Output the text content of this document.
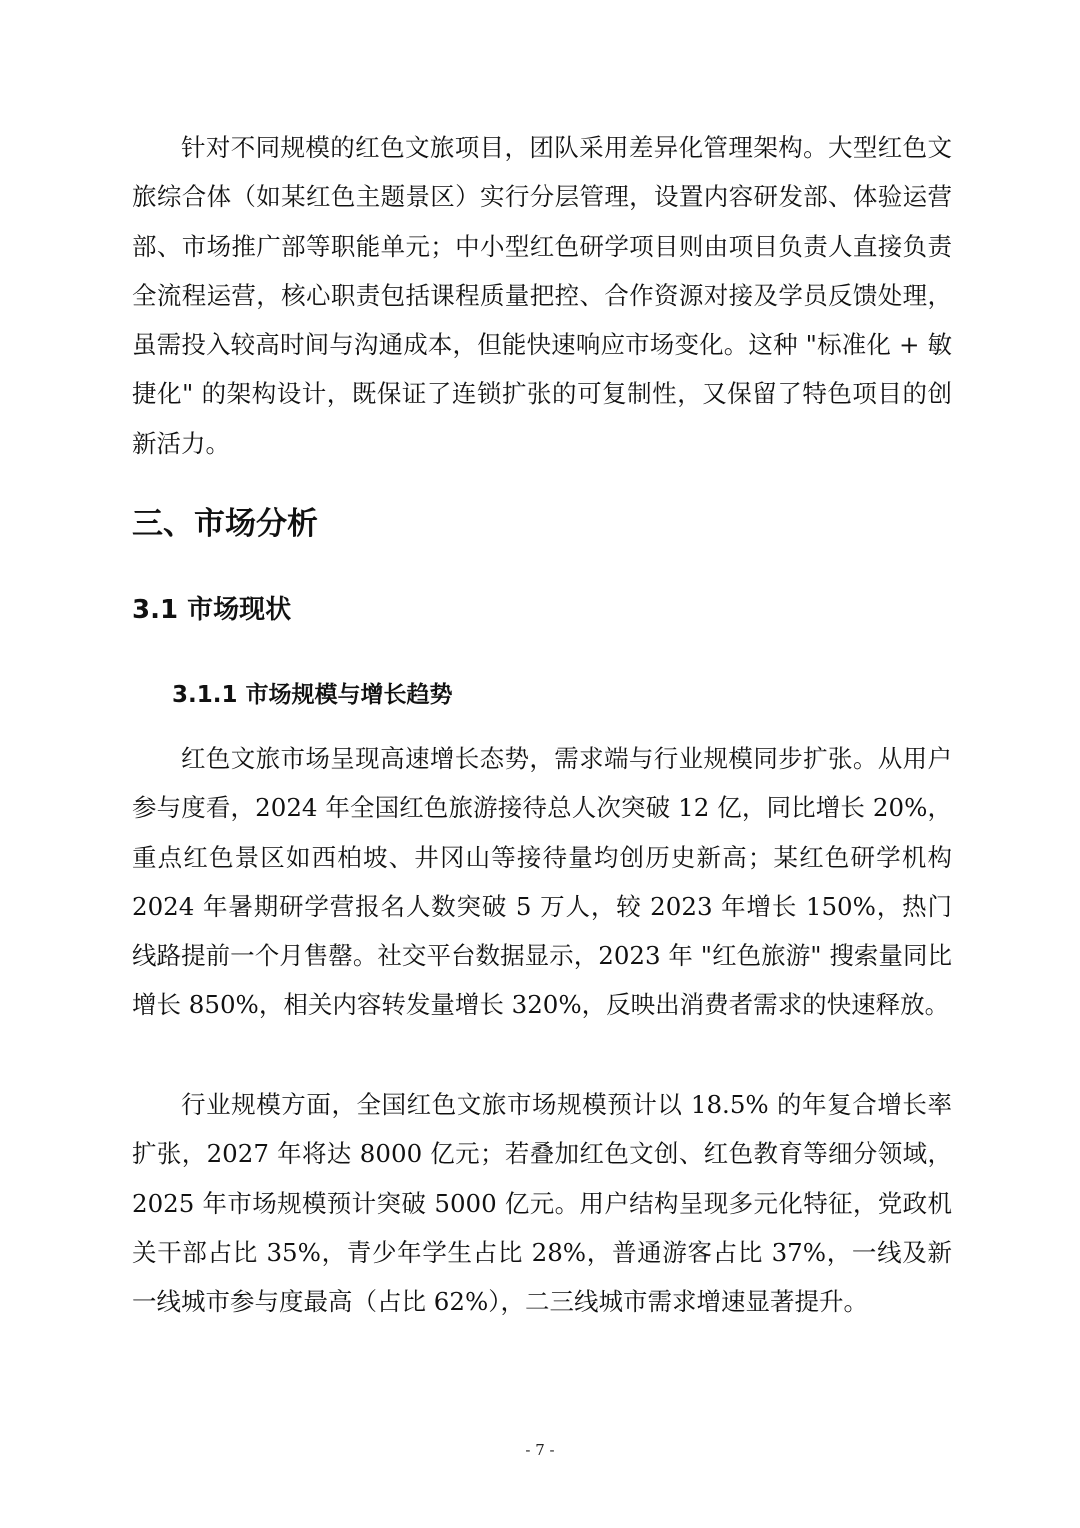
针对不同规模的红色文旅项目，团队采用差异化管理架构。大型红色文旅综合体（如某红色主题景区）实行分层管理，设置内容研发部、体验运营部、市场推广部等职能单元；中小型红色研学项目则由项目负责人直接负责全流程运营，核心职责包括课程质量把控、合作资源对接及学员反馈处理，虽需投入较高时间与沟通成本，但能快速响应市场变化。这种 "标准化 + 敏捷化" 的架构设计，既保证了连锁扩张的可复制性，又保留了特色项目的创新活力。

三、市场分析
3.1 市场现状
3.1.1 市场规模与增长趋势

红色文旅市场呈现高速增长态势，需求端与行业规模同步扩张。从用户参与度看，2024 年全国红色旅游接待总人次突破 12 亿，同比增长 20%，重点红色景区如西柏坡、井冈山等接待量均创历史新高；某红色研学机构 2024 年暑期研学营报名人数突破 5 万人，较 2023 年增长 150%，热门线路提前一个月售罄。社交平台数据显示，2023 年 "红色旅游" 搜索量同比增长 850%，相关内容转发量增长 320%，反映出消费者需求的快速释放。

行业规模方面，全国红色文旅市场规模预计以 18.5% 的年复合增长率扩张，2027 年将达 8000 亿元；若叠加红色文创、红色教育等细分领域，2025 年市场规模预计突破 5000 亿元。用户结构呈现多元化特征，党政机关干部占比 35%，青少年学生占比 28%，普通游客占比 37%，一线及新一线城市参与度最高（占比 62%），二三线城市需求增速显著提升。

- 7 -
